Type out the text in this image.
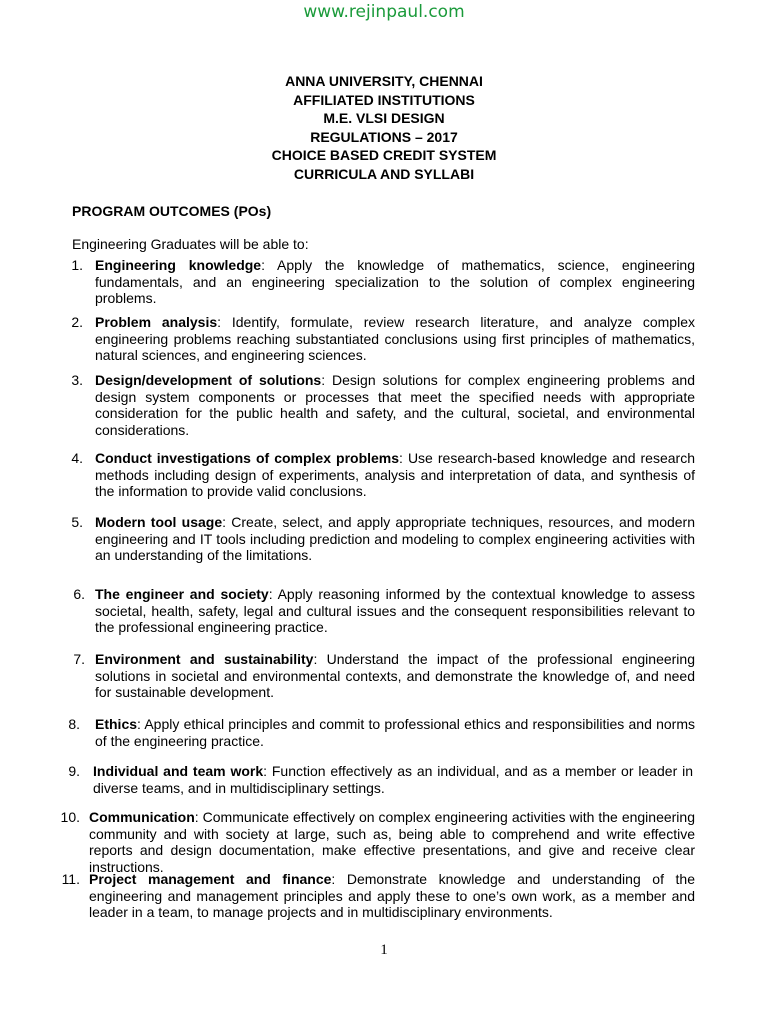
www.rejinpaul.com
ANNA UNIVERSITY, CHENNAI
AFFILIATED INSTITUTIONS
M.E. VLSI DESIGN
REGULATIONS – 2017
CHOICE BASED CREDIT SYSTEM
CURRICULA AND SYLLABI
PROGRAM OUTCOMES (POs)
Engineering Graduates will be able to:
1. Engineering knowledge: Apply the knowledge of mathematics, science, engineering fundamentals, and an engineering specialization to the solution of complex engineering problems.
2. Problem analysis: Identify, formulate, review research literature, and analyze complex engineering problems reaching substantiated conclusions using first principles of mathematics, natural sciences, and engineering sciences.
3. Design/development of solutions: Design solutions for complex engineering problems and design system components or processes that meet the specified needs with appropriate consideration for the public health and safety, and the cultural, societal, and environmental considerations.
4. Conduct investigations of complex problems: Use research-based knowledge and research methods including design of experiments, analysis and interpretation of data, and synthesis of the information to provide valid conclusions.
5. Modern tool usage: Create, select, and apply appropriate techniques, resources, and modern engineering and IT tools including prediction and modeling to complex engineering activities with an understanding of the limitations.
6. The engineer and society: Apply reasoning informed by the contextual knowledge to assess societal, health, safety, legal and cultural issues and the consequent responsibilities relevant to the professional engineering practice.
7. Environment and sustainability: Understand the impact of the professional engineering solutions in societal and environmental contexts, and demonstrate the knowledge of, and need for sustainable development.
8. Ethics: Apply ethical principles and commit to professional ethics and responsibilities and norms of the engineering practice.
9. Individual and team work: Function effectively as an individual, and as a member or leader in diverse teams, and in multidisciplinary settings.
10. Communication: Communicate effectively on complex engineering activities with the engineering community and with society at large, such as, being able to comprehend and write effective reports and design documentation, make effective presentations, and give and receive clear instructions.
11. Project management and finance: Demonstrate knowledge and understanding of the engineering and management principles and apply these to one’s own work, as a member and leader in a team, to manage projects and in multidisciplinary environments.
1
